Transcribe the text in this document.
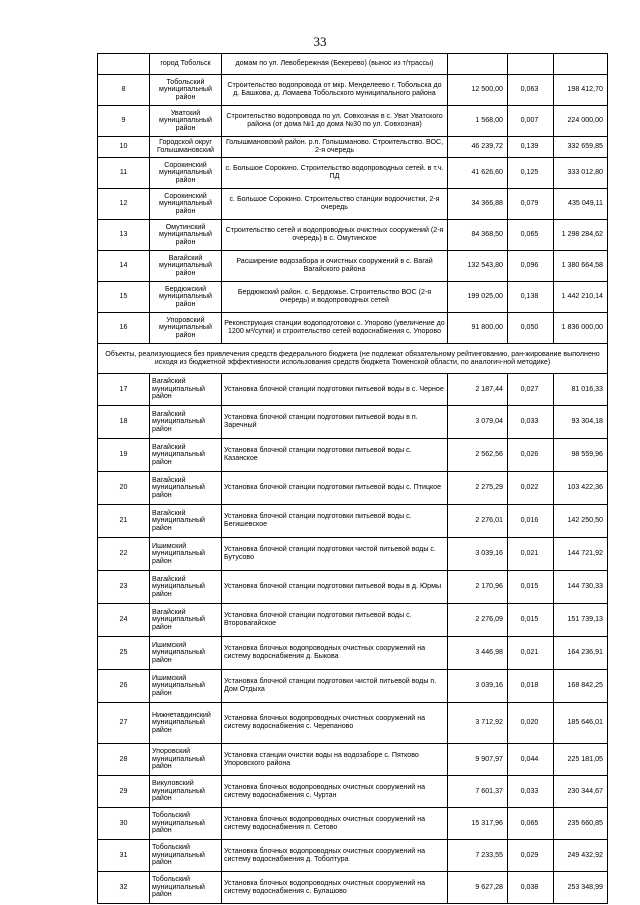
33
	город Тобольск	домам по ул. Левобережная (Бекерево) (вынос из т/трассы)			
8	Тобольский муниципальный район	Строительство водопровода от мкр. Менделеево г. Тобольска до д. Башкова, д. Ломаева Тобольского муниципального района	12 500,00	0,063	198 412,70
9	Уватский муниципальный район	Строительство водопровода по ул. Совхозная в с. Уват Уватского района (от дома №1 до дома №30 по ул. Совхозная)	1 568,00	0,007	224 000,00
10	Городской округ Голышмановский	Голышмановский район. р.п. Голышманово. Строительство. ВОС, 2-я очередь	46 239,72	0,139	332 659,85
11	Сорокинский муниципальный район	с. Большое Сорокино. Строительство водопроводных сетей. в т.ч. ПД	41 626,60	0,125	333 012,80
12	Сорокинский муниципальный район	с. Большое Сорокино. Строительство станции водоочистки, 2-я очередь	34 366,88	0,079	435 049,11
13	Омутинский муниципальный район	Строительство сетей и водопроводных очистных сооружений (2-я очередь) в с. Омутинское	84 368,50	0,065	1 298 284,62
14	Вагайский муниципальный район	Расширение водозабора и очистных сооружений в с. Вагай Вагайского района	132 543,80	0,096	1 380 664,58
15	Бердюжский муниципальный район	Бердюжский район. с. Бердюжье. Строительство ВОС (2-я очередь) и водопроводных сетей	199 025,00	0,138	1 442 210,14
16	Упоровский муниципальный район	Реконструкция станции водоподготовки с. Упорово (увеличение до 1200 м³/сутки) и строительство сетей водоснабжения с. Упорово	91 800,00	0,050	1 836 000,00
Объекты, реализующиеся без привлечения средств федерального бюджета (не подлежат обязательному рейтингованию, ран-жирование выполнено исходя из бюджетной эффективности использования средств бюджета Тюменской области, по аналогич-ной методике)					
17	Вагайский муниципальный район	Установка блочной станции подготовки питьевой воды в с. Черное	2 187,44	0,027	81 016,33
18	Вагайский муниципальный район	Установка блочной станции подготовки питьевой воды в п. Заречный	3 079,04	0,033	93 304,18
19	Вагайский муниципальный район	Установка блочной станции подготовки питьевой воды с. Казанское	2 562,56	0,026	98 559,96
20	Вагайский муниципальный район	Установка блочной станции подготовки питьевой воды с. Птицкое	2 275,29	0,022	103 422,36
21	Вагайский муниципальный район	Установка блочной станции подготовки питьевой воды с. Бегишевское	2 276,01	0,016	142 250,50
22	Ишимский муниципальный район	Установка блочной станции подготовки чистой питьевой воды с. Бутусово	3 039,16	0,021	144 721,92
23	Вагайский муниципальный район	Установка блочной станции подготовки питьевой воды в д. Юрмы	2 170,96	0,015	144 730,33
24	Вагайский муниципальный район	Установка блочной станции подготовки питьевой воды с. Второвагайское	2 276,09	0,015	151 739,13
25	Ишимский муниципальный район	Установка блочных водопроводных очистных сооружений на систему водоснабжения д. Быкова	3 446,98	0,021	164 236,91
26	Ишимский муниципальный район	Установка блочной станции подготовки чистой питьевой воды п. Дом Отдыха	3 039,16	0,018	168 842,25
27	Нижнетавдинский муниципальный район	Установка блочных водопроводных очистных сооружений на систему водоснабжения с. Черепаново	3 712,92	0,020	185 646,01
28	Упоровский муниципальный район	Установка станции очистки воды на водозаборе с. Пятково Упоровского района	9 907,97	0,044	225 181,05
29	Викуловский муниципальный район	Установка блочных водопроводных очистных сооружений на систему водоснабжения с. Чуртан	7 601,37	0,033	230 344,67
30	Тобольский муниципальный район	Установка блочных водопроводных очистных сооружений на систему водоснабжения п. Сетово	15 317,96	0,065	235 660,85
31	Тобольский муниципальный район	Установка блочных водопроводных очистных сооружений на систему водоснабжения д. Тоболтура	7 233,55	0,029	249 432,92
32	Тобольский муниципальный район	Установка блочных водопроводных очистных сооружений на систему водоснабжения с. Булашово	9 627,28	0,038	253 348,99
